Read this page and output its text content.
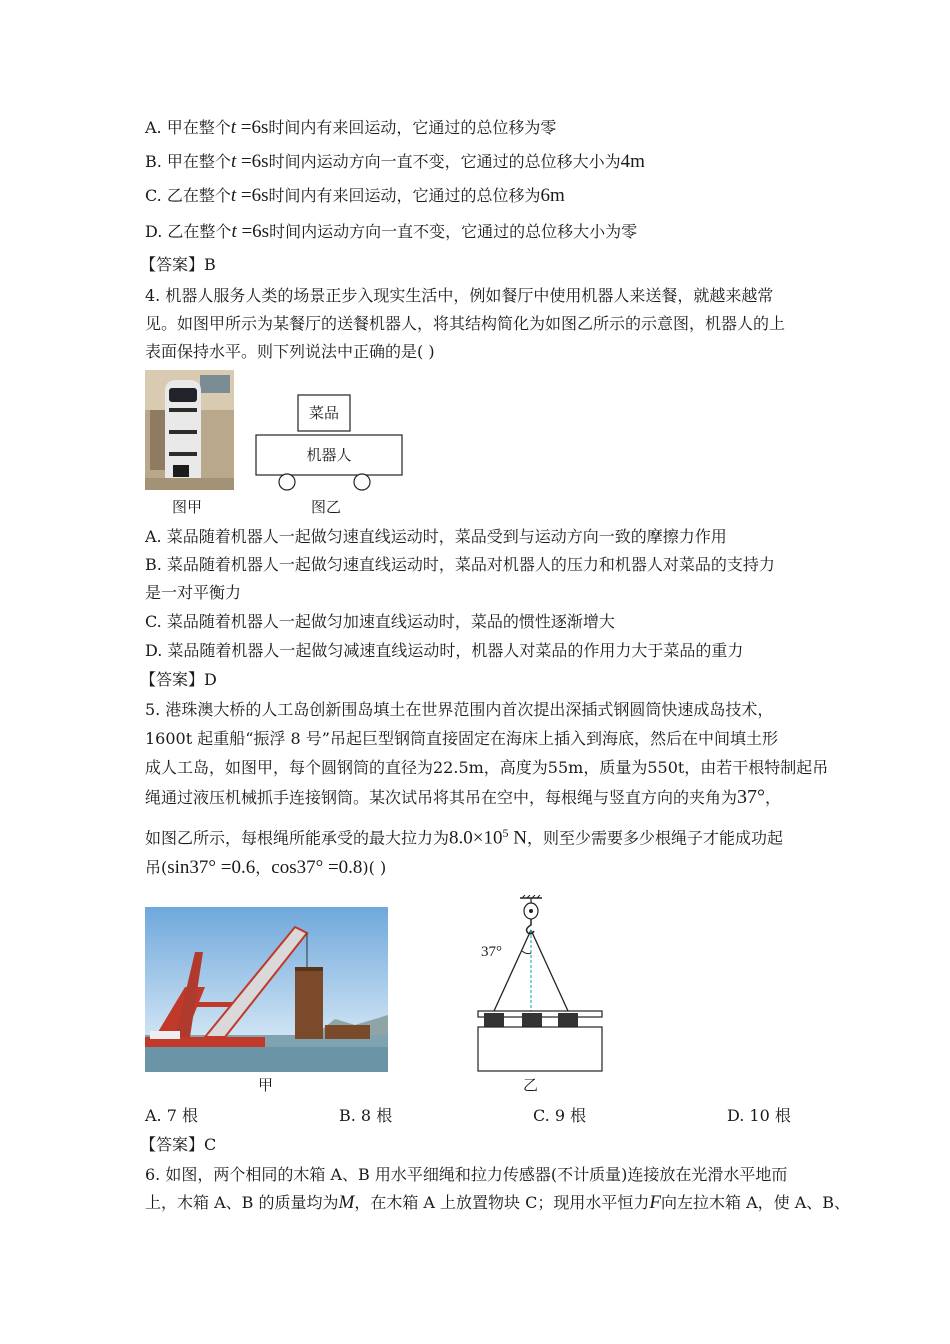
A. 甲在整个t =6s时间内有来回运动，它通过的总位移为零
B. 甲在整个t =6s时间内运动方向一直不变，它通过的总位移大小为4m
C. 乙在整个t =6s时间内有来回运动，它通过的总位移为6m
D. 乙在整个t =6s时间内运动方向一直不变，它通过的总位移大小为零
【答案】B
4. 机器人服务人类的场景正步入现实生活中，例如餐厅中使用机器人来送餐，就越来越常
见。如图甲所示为某餐厅的送餐机器人，将其结构简化为如图乙所示的示意图，机器人的上
表面保持水平。则下列说法中正确的是( )
菜品
机器人
图甲	图乙
A. 菜品随着机器人一起做匀速直线运动时，菜品受到与运动方向一致的摩擦力作用
B. 菜品随着机器人一起做匀速直线运动时，菜品对机器人的压力和机器人对菜品的支持力
是一对平衡力
C. 菜品随着机器人一起做匀加速直线运动时，菜品的惯性逐渐增大
D. 菜品随着机器人一起做匀减速直线运动时，机器人对菜品的作用力大于菜品的重力
【答案】D
5. 港珠澳大桥的人工岛创新围岛填土在世界范围内首次提出深插式钢圆筒快速成岛技术，
1600t 起重船“振浮 8 号”吊起巨型钢筒直接固定在海床上插入到海底，然后在中间填土形
成人工岛，如图甲，每个圆钢筒的直径为22.5m，高度为55m，质量为550t，由若干根特制起吊
绳通过液压机械抓手连接钢筒。某次试吊将其吊在空中，每根绳与竖直方向的夹角为37°，
如图乙所示，每根绳所能承受的最大拉力为$8.0\times 10^5$ N，则至少需要多少根绳子才能成功起
吊(sin37° =0.6，cos37° =0.8)( )
37°
甲	乙
A. 7 根	B. 8 根	C. 9 根	D. 10 根
【答案】C
6. 如图，两个相同的木箱 A、B 用水平细绳和拉力传感器(不计质量)连接放在光滑水平地而
上，木箱 A、B 的质量均为M，在木箱 A 上放置物块 C；现用水平恒力F向左拉木箱 A，使 A、B、
